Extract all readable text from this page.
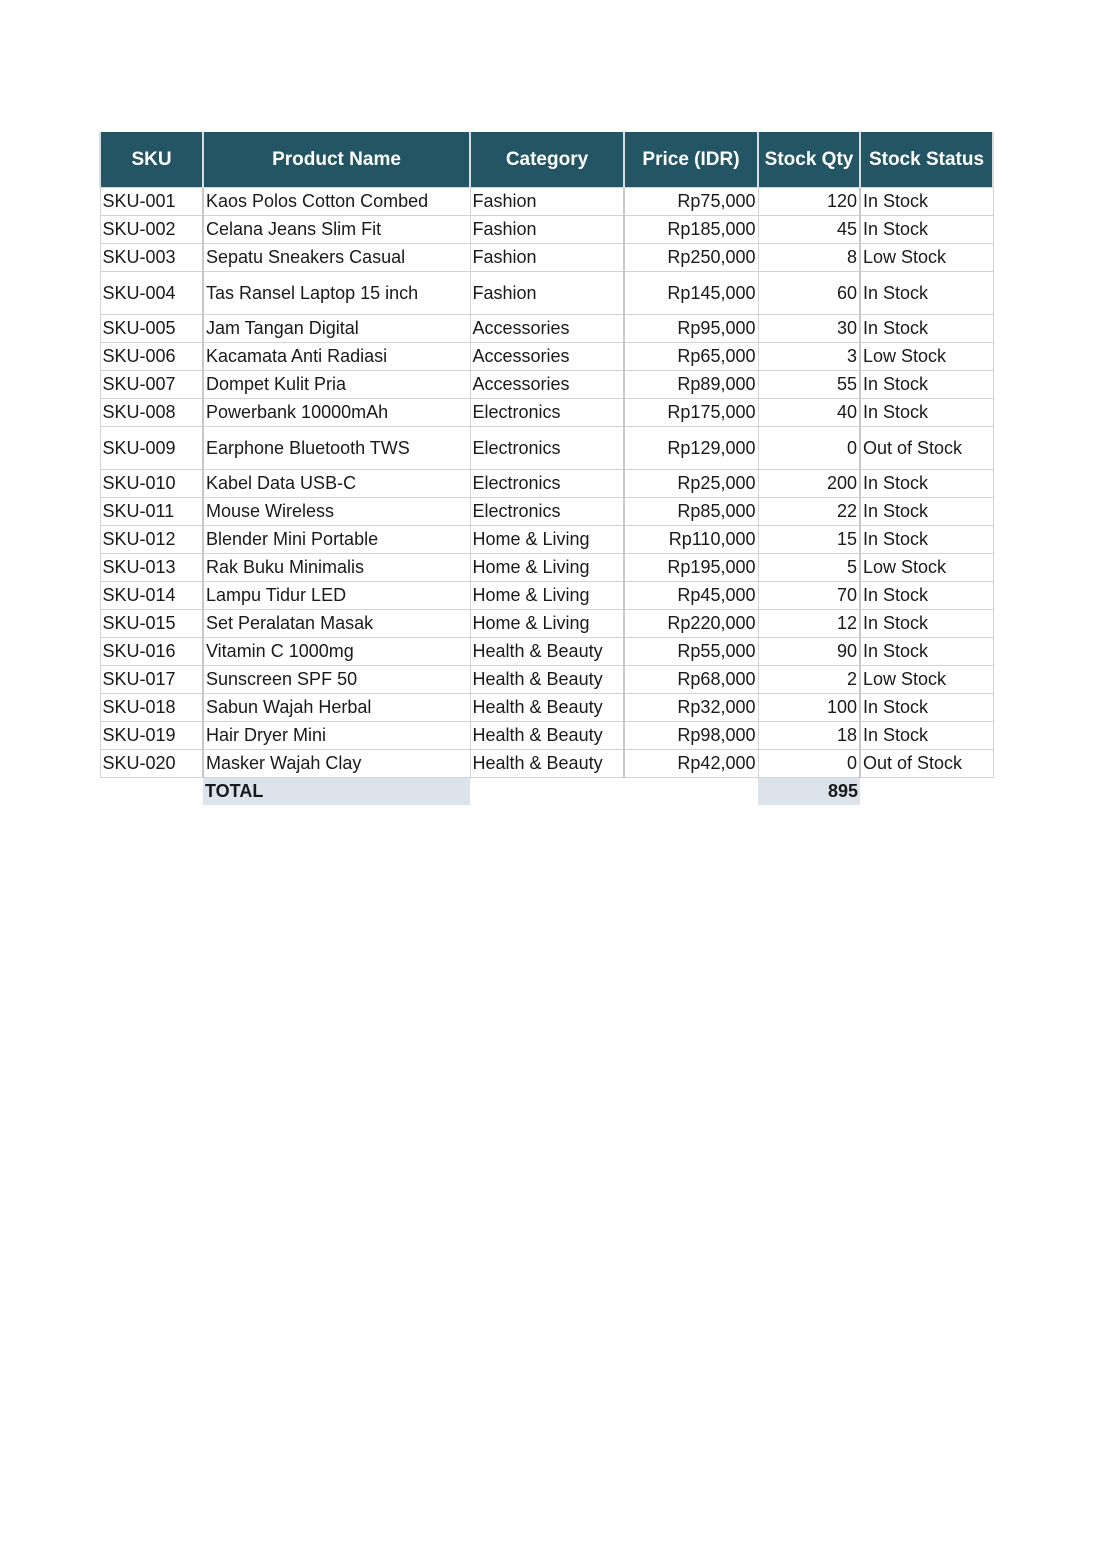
SKU	Product Name	Category	Price (IDR)	Stock Qty	Stock Status
SKU-001	Kaos Polos Cotton Combed	Fashion	Rp75,000	120	In Stock
SKU-002	Celana Jeans Slim Fit	Fashion	Rp185,000	45	In Stock
SKU-003	Sepatu Sneakers Casual	Fashion	Rp250,000	8	Low Stock
SKU-004	Tas Ransel Laptop 15 inch	Fashion	Rp145,000	60	In Stock
SKU-005	Jam Tangan Digital	Accessories	Rp95,000	30	In Stock
SKU-006	Kacamata Anti Radiasi	Accessories	Rp65,000	3	Low Stock
SKU-007	Dompet Kulit Pria	Accessories	Rp89,000	55	In Stock
SKU-008	Powerbank 10000mAh	Electronics	Rp175,000	40	In Stock
SKU-009	Earphone Bluetooth TWS	Electronics	Rp129,000	0	Out of Stock
SKU-010	Kabel Data USB-C	Electronics	Rp25,000	200	In Stock
SKU-011	Mouse Wireless	Electronics	Rp85,000	22	In Stock
SKU-012	Blender Mini Portable	Home & Living	Rp110,000	15	In Stock
SKU-013	Rak Buku Minimalis	Home & Living	Rp195,000	5	Low Stock
SKU-014	Lampu Tidur LED	Home & Living	Rp45,000	70	In Stock
SKU-015	Set Peralatan Masak	Home & Living	Rp220,000	12	In Stock
SKU-016	Vitamin C 1000mg	Health & Beauty	Rp55,000	90	In Stock
SKU-017	Sunscreen SPF 50	Health & Beauty	Rp68,000	2	Low Stock
SKU-018	Sabun Wajah Herbal	Health & Beauty	Rp32,000	100	In Stock
SKU-019	Hair Dryer Mini	Health & Beauty	Rp98,000	18	In Stock
SKU-020	Masker Wajah Clay	Health & Beauty	Rp42,000	0	Out of Stock
	TOTAL			895	
